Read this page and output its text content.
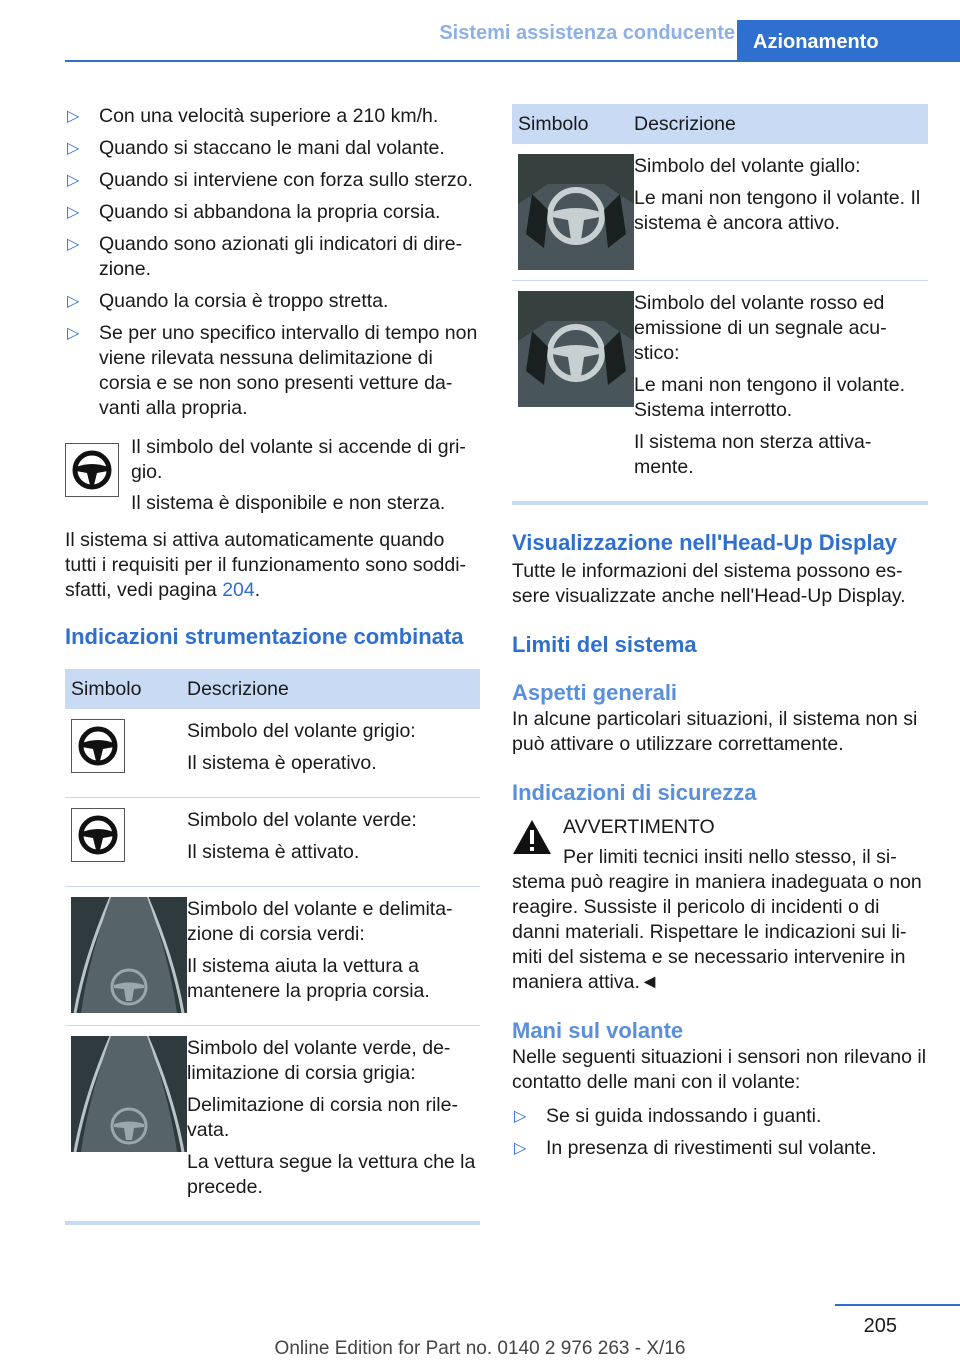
Sistemi assistenza conducente Azionamento
▷ Con una velocità superiore a 210 km/h.
▷ Quando si staccano le mani dal volante.
▷ Quando si interviene con forza sullo sterzo.
▷ Quando si abbandona la propria corsia.
▷ Quando sono azionati gli indicatori di dire-zione.
▷ Quando la corsia è troppo stretta.
▷ Se per uno specifico intervallo di tempo non viene rilevata nessuna delimitazione di corsia e se non sono presenti vetture da-vanti alla propria.
Il simbolo del volante si accende di gri-gio.
Il sistema è disponibile e non sterza.
Il sistema si attiva automaticamente quando tutti i requisiti per il funzionamento sono soddi-sfatti, vedi pagina 204.
Indicazioni strumentazione combinata
Simbolo	Descrizione

Simbolo del volante grigio:

Il sistema è operativo.

Simbolo del volante verde:

Il sistema è attivato.

Simbolo del volante e delimita-zione di corsia verdi:

Il sistema aiuta la vettura a mantenere la propria corsia.

Simbolo del volante verde, de-limitazione di corsia grigia:

Delimitazione di corsia non rile-vata.

La vettura segue la vettura che la precede.

Simbolo	Descrizione

Simbolo del volante giallo:

Le mani non tengono il volante. Il sistema è ancora attivo.

Simbolo del volante rosso ed emissione di un segnale acu-stico:

Le mani non tengono il volante. Sistema interrotto.

Il sistema non sterza attiva-mente.

Visualizzazione nell'Head-Up Display
Tutte le informazioni del sistema possono es-sere visualizzate anche nell'Head-Up Display.
Limiti del sistema
Aspetti generali
In alcune particolari situazioni, il sistema non si può attivare o utilizzare correttamente.
Indicazioni di sicurezza
AVVERTIMENTO
Per limiti tecnici insiti nello stesso, il si-stema può reagire in maniera inadeguata o non reagire. Sussiste il pericolo di incidenti o di danni materiali. Rispettare le indicazioni sui li-miti del sistema e se necessario intervenire in maniera attiva.◄
Mani sul volante
Nelle seguenti situazioni i sensori non rilevano il contatto delle mani con il volante:
▷ Se si guida indossando i guanti.
▷ In presenza di rivestimenti sul volante.
205
Online Edition for Part no. 0140 2 976 263 - X/16
